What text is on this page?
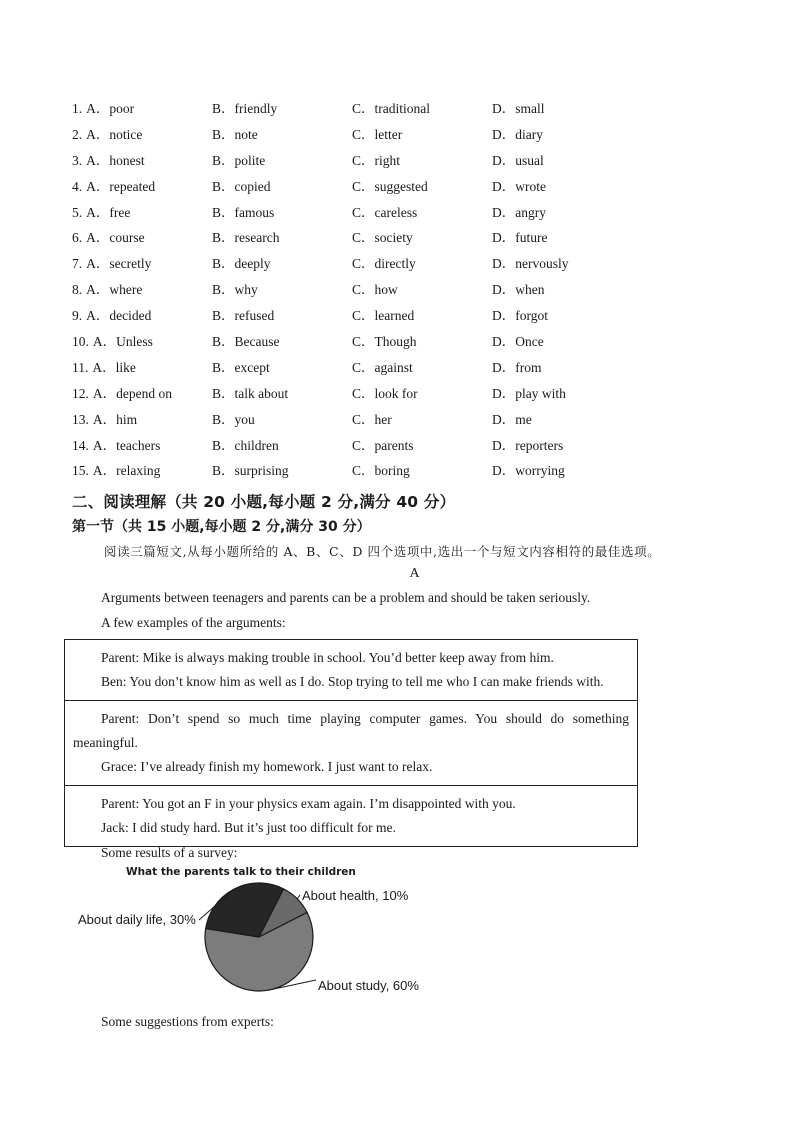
1. A．poor	B．friendly	C．traditional	D．small
2. A．notice	B．note	C．letter	D．diary
3. A．honest	B．polite	C．right	D．usual
4. A．repeated	B．copied	C．suggested	D．wrote
5. A．free	B．famous	C．careless	D．angry
6. A．course	B．research	C．society	D．future
7. A．secretly	B．deeply	C．directly	D．nervously
8. A．where	B．why	C．how	D．when
9. A．decided	B．refused	C．learned	D．forgot
10. A．Unless	B．Because	C．Though	D．Once
11. A．like	B．except	C．against	D．from
12. A．depend on	B．talk about	C．look for	D．play with
13. A．him	B．you	C．her	D．me
14. A．teachers	B．children	C．parents	D．reporters
15. A．relaxing	B．surprising	C．boring	D．worrying
二、阅读理解（共 20 小题,每小题 2 分,满分 40 分）
第一节（共 15 小题,每小题 2 分,满分 30 分）
阅读三篇短文,从每小题所给的 A、B、C、D 四个选项中,选出一个与短文内容相符的最佳选项。
A
Arguments between teenagers and parents can be a problem and should be taken seriously.
A few examples of the arguments:
Parent: Mike is always making trouble in school. You’d better keep away from him.
Ben: You don’t know him as well as I do. Stop trying to tell me who I can make friends with.
Parent: Don’t spend so much time playing computer games. You should do something meaningful.
Grace: I’ve already finish my homework. I just want to relax.
Parent: You got an F in your physics exam again. I’m disappointed with you.
Jack: I did study hard. But it’s just too difficult for me.
Some results of a survey:
What the parents talk to their children
About health, 10%
About study, 60%
About daily life, 30%
Some suggestions from experts:
